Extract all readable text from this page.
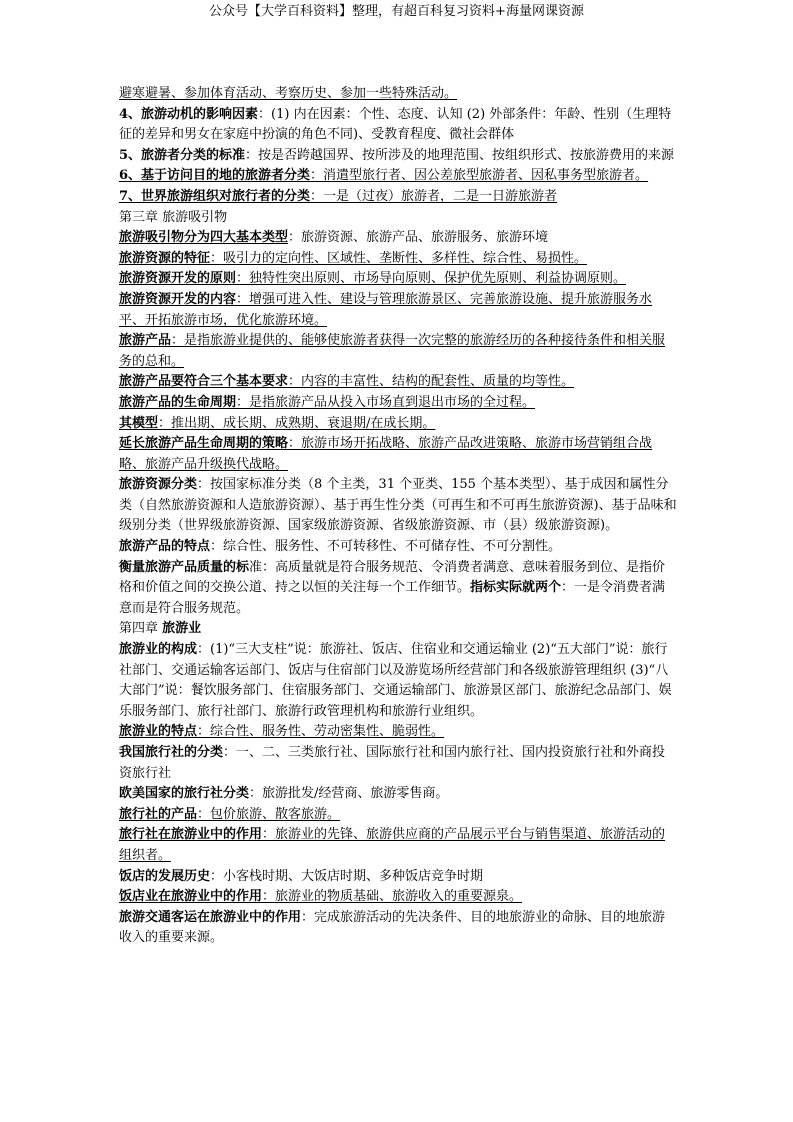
公众号【大学百科资料】整理，有超百科复习资料+海量网课资源

避寒避暑、参加体育活动、考察历史、参加一些特殊活动。

4、旅游动机的影响因素：(1) 内在因素：个性、态度、认知 (2) 外部条件：年龄、性别（生理特征的差异和男女在家庭中扮演的角色不同)、受教育程度、微社会群体

5、旅游者分类的标准：按是否跨越国界、按所涉及的地理范围、按组织形式、按旅游费用的来源

6、基于访问目的地的旅游者分类：消遣型旅行者、因公差旅型旅游者、因私事务型旅游者。

7、世界旅游组织对旅行者的分类：一是（过夜）旅游者，二是一日游旅游者

第三章 旅游吸引物

旅游吸引物分为四大基本类型：旅游资源、旅游产品、旅游服务、旅游环境

旅游资源的特征：吸引力的定向性、区域性、垄断性、多样性、综合性、易损性。

旅游资源开发的原则：独特性突出原则、市场导向原则、保护优先原则、利益协调原则。

旅游资源开发的内容：增强可进入性、建设与管理旅游景区、完善旅游设施、提升旅游服务水平、开拓旅游市场，优化旅游环境。

旅游产品：是指旅游业提供的、能够使旅游者获得一次完整的旅游经历的各种接待条件和相关服务的总和。

旅游产品要符合三个基本要求：内容的丰富性、结构的配套性、质量的均等性。

旅游产品的生命周期：是指旅游产品从投入市场直到退出市场的全过程。

其模型：推出期、成长期、成熟期、衰退期/在成长期。

延长旅游产品生命周期的策略：旅游市场开拓战略、旅游产品改进策略、旅游市场营销组合战略、旅游产品升级换代战略。

旅游资源分类：按国家标准分类（8 个主类，31 个亚类、155 个基本类型）、基于成因和属性分类（自然旅游资源和人造旅游资源）、基于再生性分类（可再生和不可再生旅游资源)、基于品味和级别分类（世界级旅游资源、国家级旅游资源、省级旅游资源、市（县）级旅游资源)。

旅游产品的特点：综合性、服务性、不可转移性、不可储存性、不可分割性。

衡量旅游产品质量的标准：高质量就是符合服务规范、令消费者满意、意味着服务到位、是指价格和价值之间的交换公道、持之以恒的关注每一个工作细节。指标实际就两个：一是令消费者满意而是符合服务规范。

第四章 旅游业

旅游业的构成：(1)“三大支柱”说：旅游社、饭店、住宿业和交通运输业 (2)“五大部门”说：旅行社部门、交通运输客运部门、饭店与住宿部门以及游览场所经营部门和各级旅游管理组织 (3)“八大部门”说：餐饮服务部门、住宿服务部门、交通运输部门、旅游景区部门、旅游纪念品部门、娱乐服务部门、旅行社部门、旅游行政管理机构和旅游行业组织。

旅游业的特点：综合性、服务性、劳动密集性、脆弱性。

我国旅行社的分类：一、二、三类旅行社、国际旅行社和国内旅行社、国内投资旅行社和外商投资旅行社

欧美国家的旅行社分类：旅游批发/经营商、旅游零售商。

旅行社的产品：包价旅游、散客旅游。

旅行社在旅游业中的作用：旅游业的先锋、旅游供应商的产品展示平台与销售渠道、旅游活动的组织者。

饭店的发展历史：小客栈时期、大饭店时期、多种饭店竞争时期

饭店业在旅游业中的作用：旅游业的物质基础、旅游收入的重要源泉。

旅游交通客运在旅游业中的作用：完成旅游活动的先决条件、目的地旅游业的命脉、目的地旅游收入的重要来源。
